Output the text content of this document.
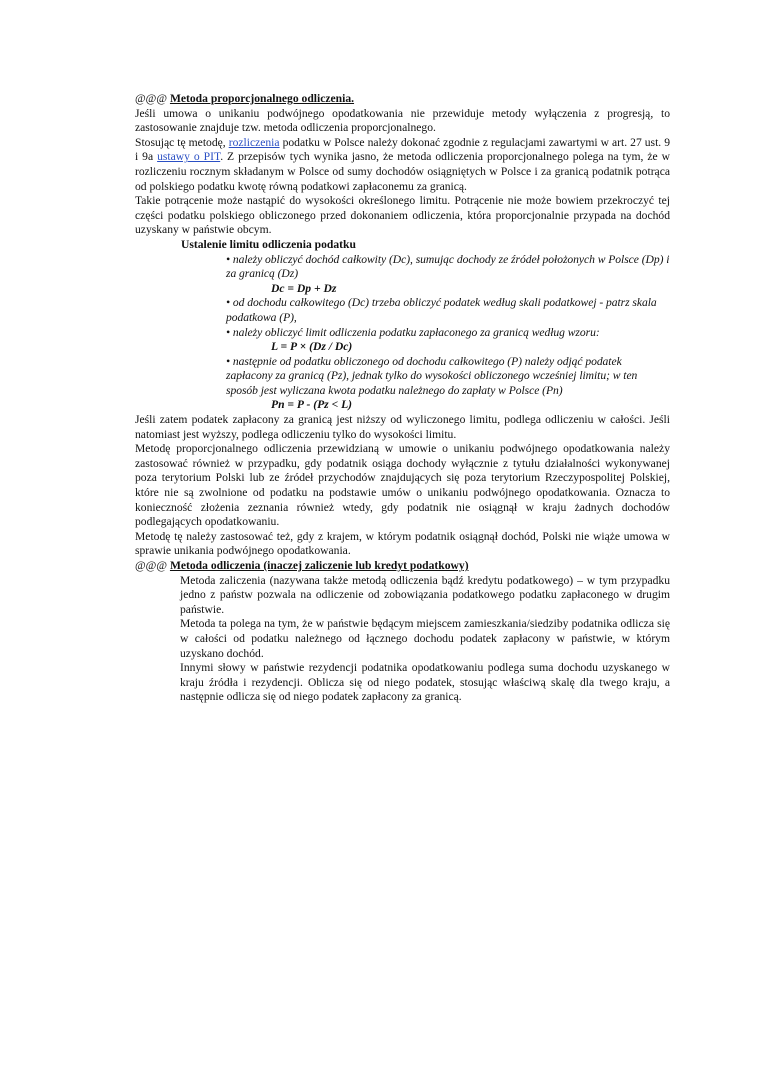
@@@ Metoda proporcjonalnego odliczenia.

Jeśli umowa o unikaniu podwójnego opodatkowania nie przewiduje metody wyłączenia z progresją, to zastosowanie znajduje tzw. metoda odliczenia proporcjonalnego.

Stosując tę metodę, rozliczenia podatku w Polsce należy dokonać zgodnie z regulacjami zawartymi w art. 27 ust. 9 i 9a ustawy o PIT. Z przepisów tych wynika jasno, że metoda odliczenia proporcjonalnego polega na tym, że w rozliczeniu rocznym składanym w Polsce od sumy dochodów osiągniętych w Polsce i za granicą podatnik potrąca od polskiego podatku kwotę równą podatkowi zapłaconemu za granicą.

Takie potrącenie może nastąpić do wysokości określonego limitu. Potrącenie nie może bowiem przekroczyć tej części podatku polskiego obliczonego przed dokonaniem odliczenia, która proporcjonalnie przypada na dochód uzyskany w państwie obcym.

Ustalenie limitu odliczenia podatku

• należy obliczyć dochód całkowity (Dc), sumując dochody ze źródeł położonych w Polsce (Dp) i za granicą (Dz)

Dc = Dp + Dz

• od dochodu całkowitego (Dc) trzeba obliczyć podatek według skali podatkowej - patrz skala podatkowa (P),

• należy obliczyć limit odliczenia podatku zapłaconego za granicą według wzoru:

L = P × (Dz / Dc)

• następnie od podatku obliczonego od dochodu całkowitego (P) należy odjąć podatek zapłacony za granicą (Pz), jednak tylko do wysokości obliczonego wcześniej limitu; w ten sposób jest wyliczana kwota podatku należnego do zapłaty w Polsce (Pn)

Pn = P - (Pz < L)

Jeśli zatem podatek zapłacony za granicą jest niższy od wyliczonego limitu, podlega odliczeniu w całości. Jeśli natomiast jest wyższy, podlega odliczeniu tylko do wysokości limitu.

Metodę proporcjonalnego odliczenia przewidzianą w umowie o unikaniu podwójnego opodatkowania należy zastosować również w przypadku, gdy podatnik osiąga dochody wyłącznie z tytułu działalności wykonywanej poza terytorium Polski lub ze źródeł przychodów znajdujących się poza terytorium Rzeczypospolitej Polskiej, które nie są zwolnione od podatku na podstawie umów o unikaniu podwójnego opodatkowania. Oznacza to konieczność złożenia zeznania również wtedy, gdy podatnik nie osiągnął w kraju żadnych dochodów podlegających opodatkowaniu.

Metodę tę należy zastosować też, gdy z krajem, w którym podatnik osiągnął dochód, Polski nie wiąże umowa w sprawie unikania podwójnego opodatkowania.

@@@ Metoda odliczenia (inaczej zaliczenie lub kredyt podatkowy)

Metoda zaliczenia (nazywana także metodą odliczenia bądź kredytu podatkowego) – w tym przypadku jedno z państw pozwala na odliczenie od zobowiązania podatkowego podatku zapłaconego w drugim państwie.

Metoda ta polega na tym, że w państwie będącym miejscem zamieszkania/siedziby podatnika odlicza się w całości od podatku należnego od łącznego dochodu podatek zapłacony w państwie, w którym uzyskano dochód.

Innymi słowy w państwie rezydencji podatnika opodatkowaniu podlega suma dochodu uzyskanego w kraju źródła i rezydencji. Oblicza się od niego podatek, stosując właściwą skalę dla twego kraju, a następnie odlicza się od niego podatek zapłacony za granicą.
